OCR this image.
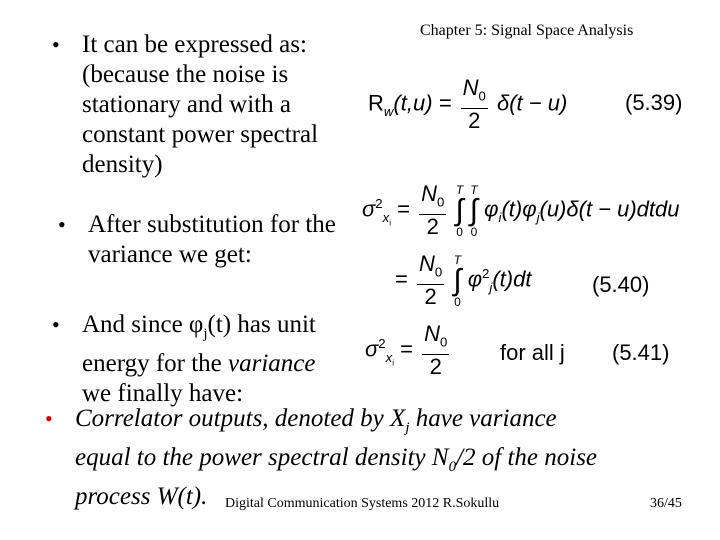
Chapter 5: Signal Space Analysis
• It can be expressed as:
(because the noise is
stationary and with a
constant power spectral
density)
$R_w(t,u) = \frac{N_0}{2} \delta(t - u)$	(5.39)
• After substitution for the
variance we get:
$\sigma^2_{x_i} = \frac{N_0}{2}$
T
∫
0

T
∫
0
$\varphi_i(t)\varphi_j(u)\delta(t$ − u)dtdu
= $\frac{N_0}{2}$
T
∫
0
$\varphi^2_j(t)dt$	(5.40)
• And since $\varphi_j(t)$ has unit
energy for the variance
we finally have:
$\sigma^2_{x_i} = \frac{N_0}{2}$ for all j (5.41)
• Correlator outputs, denoted by $X_j$ have variance
equal to the power spectral density $N_0/2$ of the noise
process W(t).	Digital Communication Systems 2012 R.Sokullu	36/45
